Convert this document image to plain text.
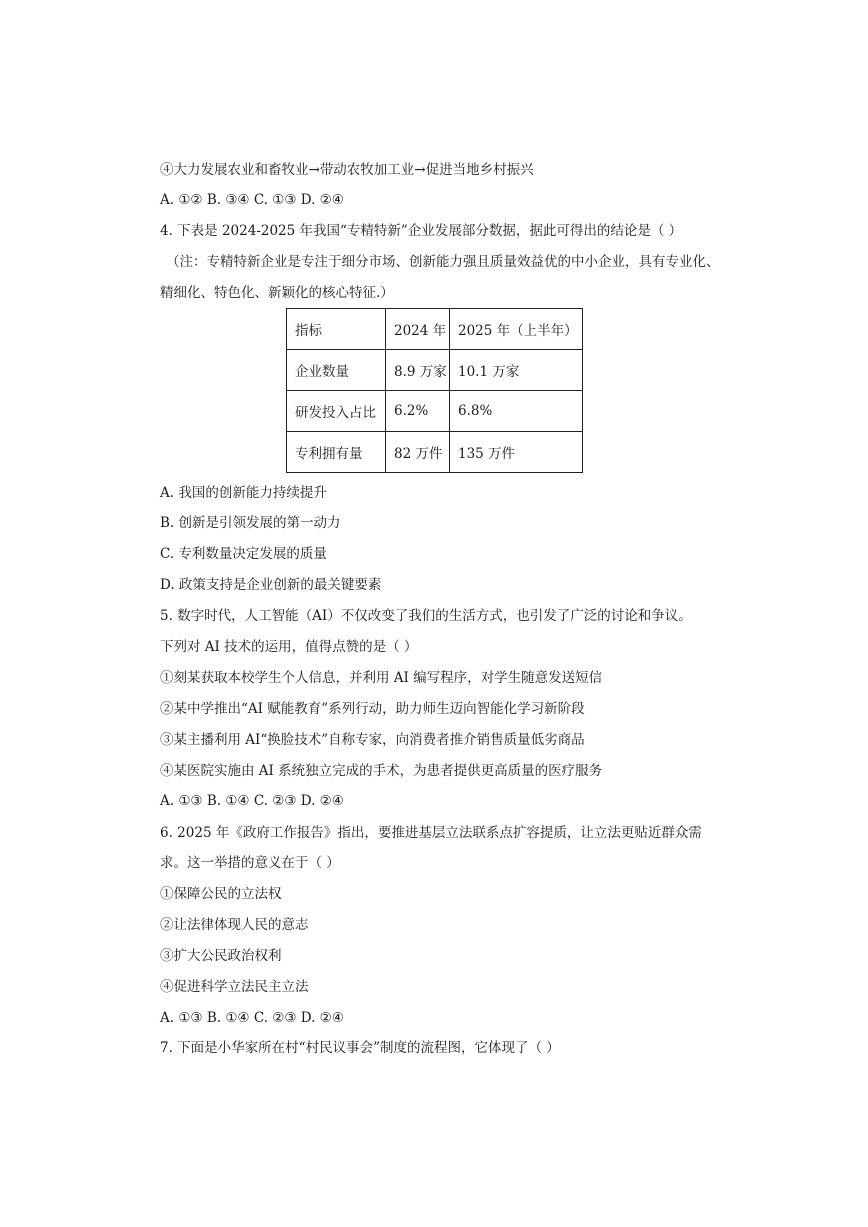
④大力发展农业和畜牧业→带动农牧加工业→促进当地乡村振兴
A. ①② B. ③④ C. ①③ D. ②④
4. 下表是 2024-2025 年我国“专精特新”企业发展部分数据，据此可得出的结论是（ ）
（注：专精特新企业是专注于细分市场、创新能力强且质量效益优的中小企业，具有专业化、
精细化、特色化、新颖化的核心特征.）
指标	2024 年	2025 年（上半年）
企业数量	8.9 万家	10.1 万家
研发投入占比	6.2%	6.8%
专利拥有量	82 万件	135 万件
A. 我国的创新能力持续提升
B. 创新是引领发展的第一动力
C. 专利数量决定发展的质量
D. 政策支持是企业创新的最关键要素
5. 数字时代，人工智能（AI）不仅改变了我们的生活方式，也引发了广泛的讨论和争议。
下列对 AI 技术的运用，值得点赞的是（ ）
①刻某获取本校学生个人信息，并利用 AI 编写程序，对学生随意发送短信
②某中学推出“AI 赋能教育”系列行动，助力师生迈向智能化学习新阶段
③某主播利用 AI“换脸技术”自称专家，向消费者推介销售质量低劣商品
④某医院实施由 AI 系统独立完成的手术，为患者提供更高质量的医疗服务
A. ①③ B. ①④ C. ②③ D. ②④
6. 2025 年《政府工作报告》指出，要推进基层立法联系点扩容提质，让立法更贴近群众需
求。这一举措的意义在于（ ）
①保障公民的立法权
②让法律体现人民的意志
③扩大公民政治权利
④促进科学立法民主立法
A. ①③ B. ①④ C. ②③ D. ②④
7. 下面是小华家所在村“村民议事会”制度的流程图，它体现了（ ）
